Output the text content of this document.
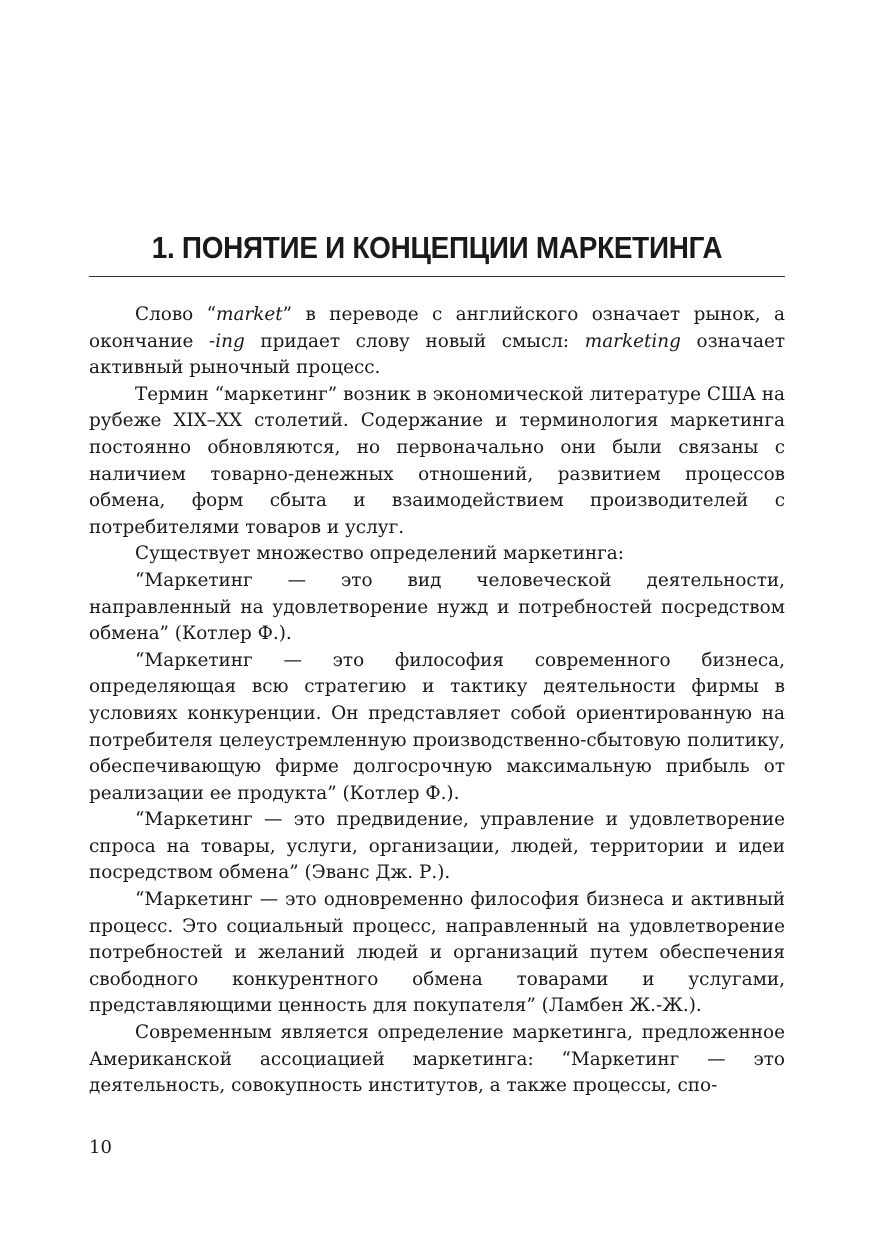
1. ПОНЯТИЕ И КОНЦЕПЦИИ МАРКЕТИНГА

Слово “market” в переводе с английского означает рынок, а окончание -ing придает слову новый смысл: marketing означает активный рыночный процесс.

Термин “маркетинг” возник в экономической литературе США на рубеже XIX–XX столетий. Содержание и терминология маркетинга постоянно обновляются, но первоначально они были связаны с наличием товарно-денежных отношений, развитием процессов обмена, форм сбыта и взаимодействием производителей с потребителями товаров и услуг.

Существует множество определений маркетинга:

“Маркетинг — это вид человеческой деятельности, направленный на удовлетворение нужд и потребностей посредством обмена” (Котлер Ф.).

“Маркетинг — это философия современного бизнеса, определяющая всю стратегию и тактику деятельности фирмы в условиях конкуренции. Он представляет собой ориентированную на потребителя целеустремленную производственно-сбытовую политику, обеспечивающую фирме долгосрочную максимальную прибыль от реализации ее продукта” (Котлер Ф.).

“Маркетинг — это предвидение, управление и удовлетворение спроса на товары, услуги, организации, людей, территории и идеи посредством обмена” (Эванс Дж. Р.).

“Маркетинг — это одновременно философия бизнеса и активный процесс. Это социальный процесс, направленный на удовлетворение потребностей и желаний людей и организаций путем обеспечения свободного конкурентного обмена товарами и услугами, представляющими ценность для покупателя” (Ламбен Ж.-Ж.).

Современным является определение маркетинга, предложенное Американской ассоциацией маркетинга: “Маркетинг — это деятельность, совокупность институтов, а также процессы, спо-

10
